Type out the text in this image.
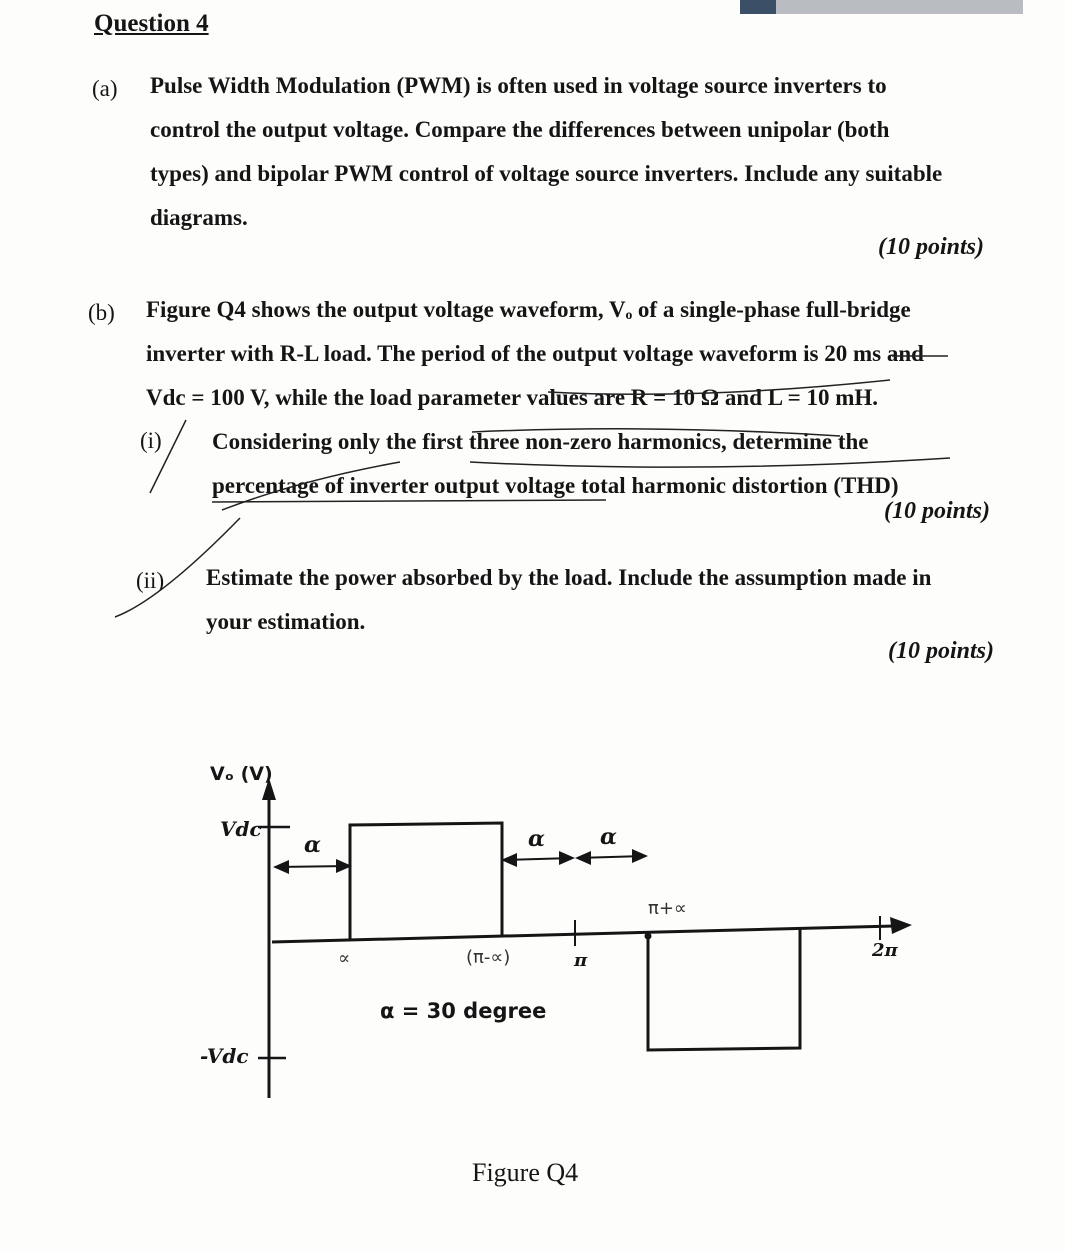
Question 4
(a) Pulse Width Modulation (PWM) is often used in voltage source inverters to
control the output voltage. Compare the differences between unipolar (both
types) and bipolar PWM control of voltage source inverters. Include any suitable
diagrams.
(10 points)
(b) Figure Q4 shows the output voltage waveform, Vₒ of a single-phase full-bridge
inverter with R-L load. The period of the output voltage waveform is 20 ms and
Vdc = 100 V, while the load parameter values are R = 10 Ω and L = 10 mH.
(i) Considering only the first three non-zero harmonics, determine the
percentage of inverter output voltage total harmonic distortion (THD)
(10 points)
(ii) Estimate the power absorbed by the load. Include the assumption made in
your estimation.
(10 points)
Vₒ (V)
Vdc
-Vdc
α	α	α
π	2π
α = 30 degree
∝	(π-∝)
π+∝
Figure Q4
